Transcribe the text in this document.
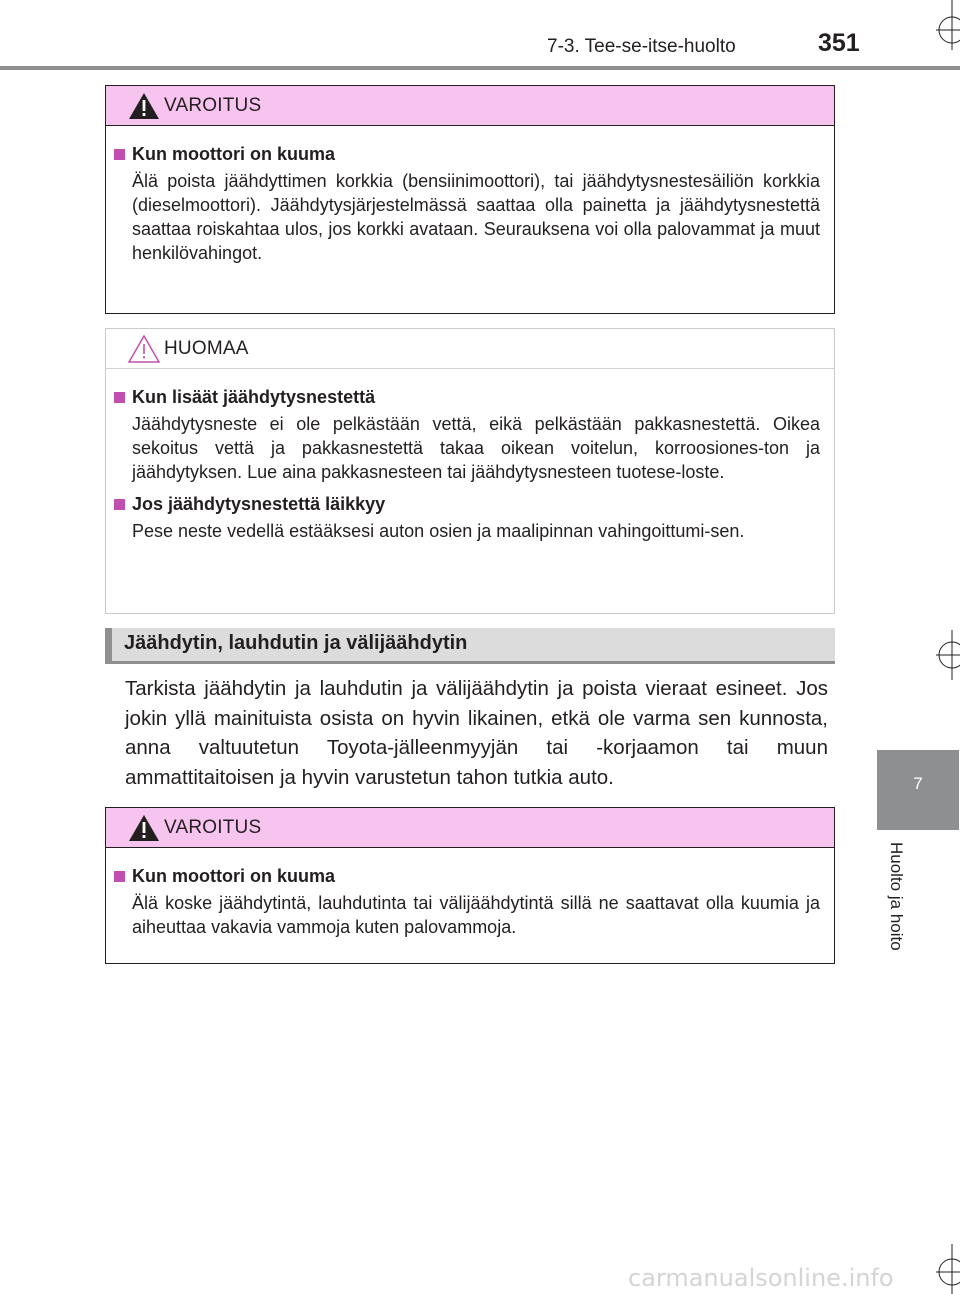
7-3. Tee-se-itse-huolto	351
7
Huolto ja hoito
VAROITUS
Kun moottori on kuuma

Älä poista jäähdyttimen korkkia (bensiinimoottori), tai jäähdytysnestesäiliön korkkia (dieselmoottori). Jäähdytysjärjestelmässä saattaa olla painetta ja jäähdytysnestettä saattaa roiskahtaa ulos, jos korkki avataan. Seurauksena voi olla palovammat ja muut henkilövahingot.

HUOMAA
Kun lisäät jäähdytysnestettä

Jäähdytysneste ei ole pelkästään vettä, eikä pelkästään pakkasnestettä. Oikea sekoitus vettä ja pakkasnestettä takaa oikean voitelun, korroosiones-ton ja jäähdytyksen. Lue aina pakkasnesteen tai jäähdytysnesteen tuotese-loste.

Jos jäähdytysnestettä läikkyy

Pese neste vedellä estääksesi auton osien ja maalipinnan vahingoittumi-sen.

Jäähdytin, lauhdutin ja välijäähdytin

Tarkista jäähdytin ja lauhdutin ja välijäähdytin ja poista vieraat esineet. Jos jokin yllä mainituista osista on hyvin likainen, etkä ole varma sen kunnosta, anna valtuutetun Toyota-jälleenmyyjän tai -korjaamon tai muun ammattitaitoisen ja hyvin varustetun tahon tutkia auto.

VAROITUS
Kun moottori on kuuma

Älä koske jäähdytintä, lauhdutinta tai välijäähdytintä sillä ne saattavat olla kuumia ja aiheuttaa vakavia vammoja kuten palovammoja.

carmanualsonline.info
